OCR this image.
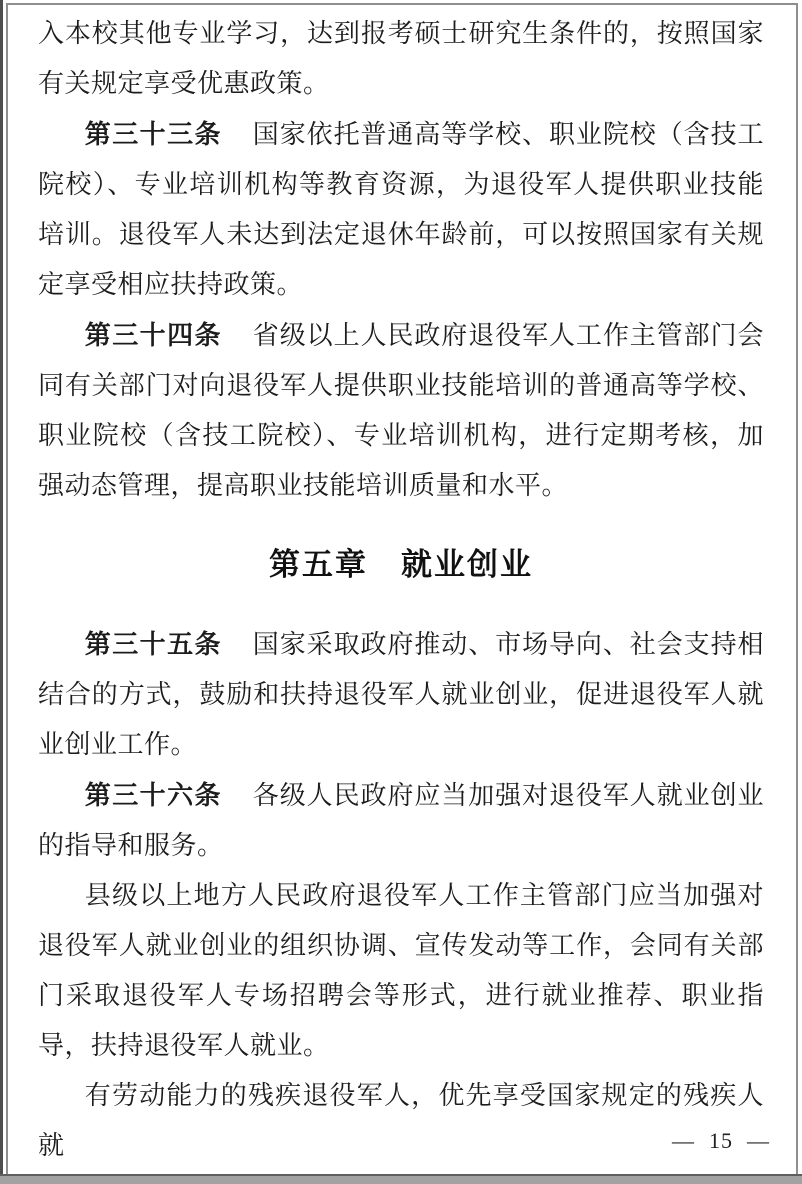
入本校其他专业学习，达到报考硕士研究生条件的，按照国家有关规定享受优惠政策。

第三十三条 国家依托普通高等学校、职业院校（含技工院校）、专业培训机构等教育资源，为退役军人提供职业技能培训。退役军人未达到法定退休年龄前，可以按照国家有关规定享受相应扶持政策。

第三十四条 省级以上人民政府退役军人工作主管部门会同有关部门对向退役军人提供职业技能培训的普通高等学校、职业院校（含技工院校）、专业培训机构，进行定期考核，加强动态管理，提高职业技能培训质量和水平。

第五章　就业创业

第三十五条 国家采取政府推动、市场导向、社会支持相结合的方式，鼓励和扶持退役军人就业创业，促进退役军人就业创业工作。

第三十六条 各级人民政府应当加强对退役军人就业创业的指导和服务。

县级以上地方人民政府退役军人工作主管部门应当加强对退役军人就业创业的组织协调、宣传发动等工作，会同有关部门采取退役军人专场招聘会等形式，进行就业推荐、职业指导，扶持退役军人就业。

有劳动能力的残疾退役军人，优先享受国家规定的残疾人就	— 15 —
